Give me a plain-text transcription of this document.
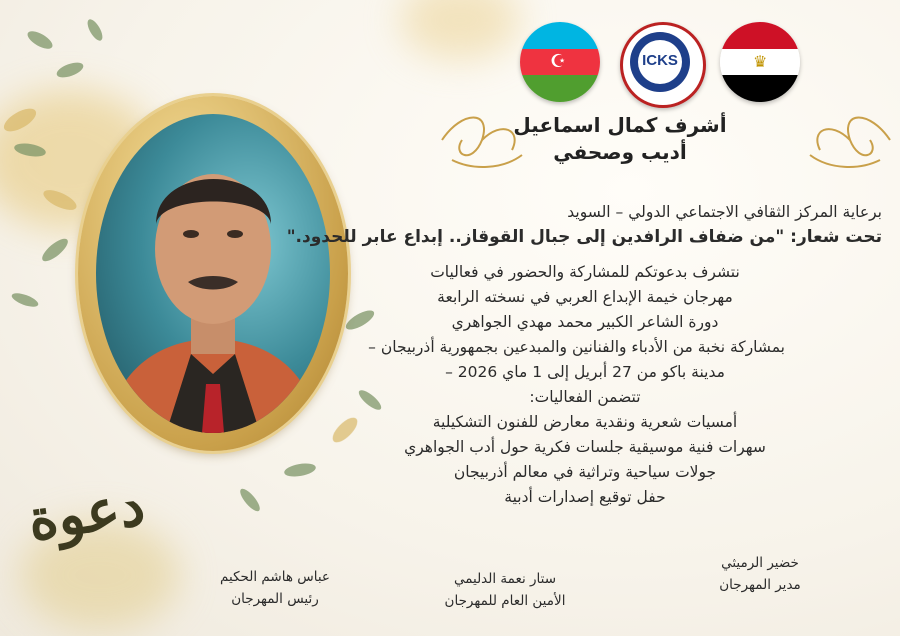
☪	ICKS	♛
أشرف كمال اسماعيل
أديب وصحفي
برعاية المركز الثقافي الاجتماعي الدولي – السويد
تحت شعار: "من ضفاف الرافدين إلى جبال القوقاز.. إبداع عابر للحدود."
نتشرف بدعوتكم للمشاركة والحضور في فعاليات
مهرجان خيمة الإبداع العربي في نسخته الرابعة
دورة الشاعر الكبير محمد مهدي الجواهري
بمشاركة نخبة من الأدباء والفنانين والمبدعين بجمهورية أذربيجان –
مدينة باكو من 27 أبريل إلى 1 ماي 2026 –
تتضمن الفعاليات:
أمسيات شعرية ونقدية معارض للفنون التشكيلية
سهرات فنية موسيقية جلسات فكرية حول أدب الجواهري
جولات سياحية وتراثية في معالم أذربيجان
حفل توقيع إصدارات أدبية
دعوة
عباس هاشم الحكيم
رئيس المهرجان
ستار نعمة الدليمي
الأمين العام للمهرجان
خضير الرميثي
مدير المهرجان
